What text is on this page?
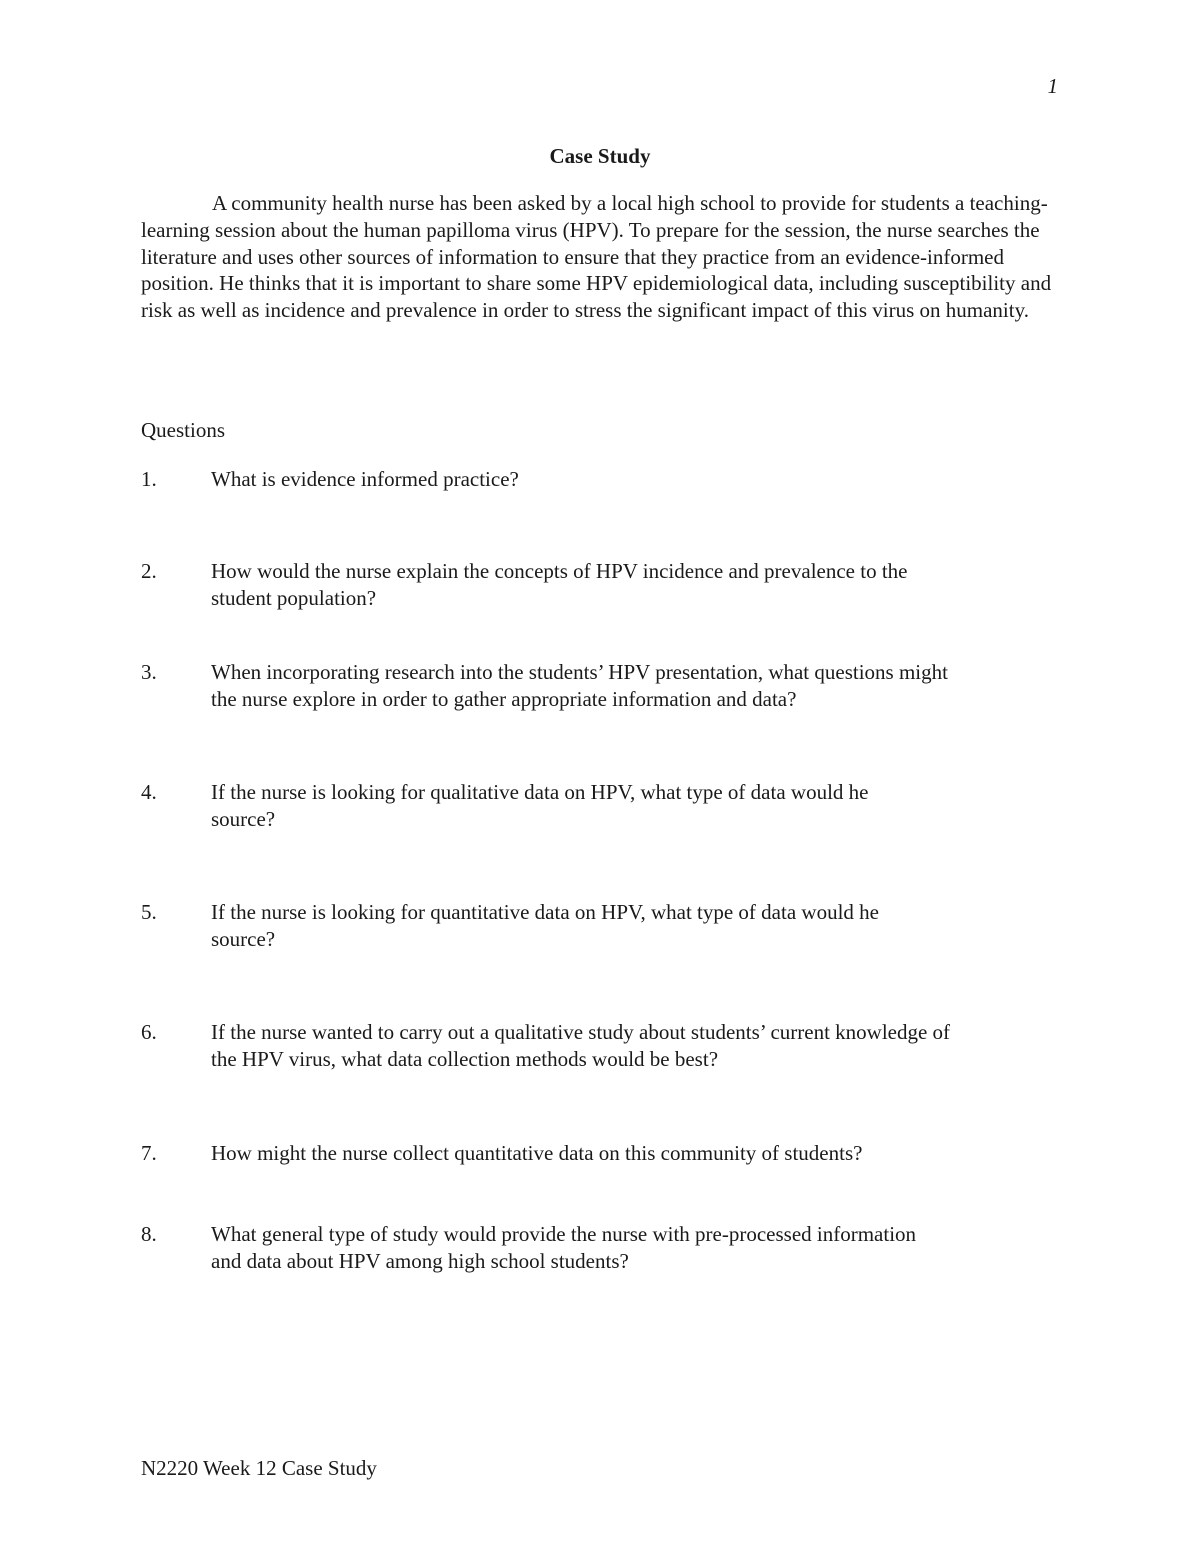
1
Case Study

A community health nurse has been asked by a local high school to provide for students a teaching-learning session about the human papilloma virus (HPV). To prepare for the session, the nurse searches the literature and uses other sources of information to ensure that they practice from an evidence-informed position. He thinks that it is important to share some HPV epidemiological data, including susceptibility and risk as well as incidence and prevalence in order to stress the significant impact of this virus on humanity.

Questions
1.	What is evidence informed practice?
2.	How would the nurse explain the concepts of HPV incidence and prevalence to the
student population?
3.	When incorporating research into the students’ HPV presentation, what questions might
the nurse explore in order to gather appropriate information and data?
4.	If the nurse is looking for qualitative data on HPV, what type of data would he
source?
5.	If the nurse is looking for quantitative data on HPV, what type of data would he
source?
6.	If the nurse wanted to carry out a qualitative study about students’ current knowledge of
the HPV virus, what data collection methods would be best?
7.	How might the nurse collect quantitative data on this community of students?
8.	What general type of study would provide the nurse with pre-processed information
and data about HPV among high school students?
N2220 Week 12 Case Study
